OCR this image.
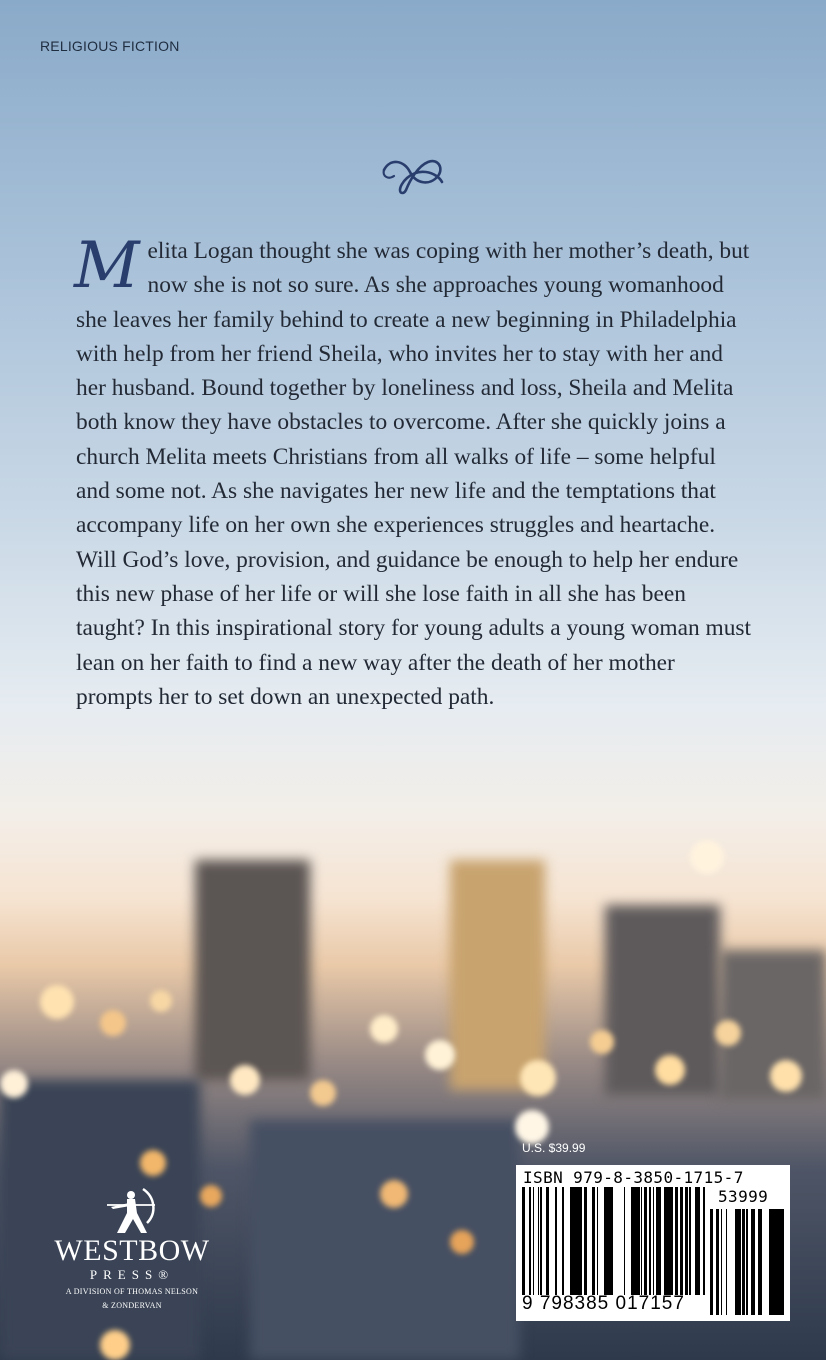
RELIGIOUS FICTION

Melita Logan thought she was coping with her mother’s death, but now she is not so sure. As she approaches young womanhood she leaves her family behind to create a new beginning in Philadelphia with help from her friend Sheila, who invites her to stay with her and her husband. Bound together by loneliness and loss, Sheila and Melita both know they have obstacles to overcome. After she quickly joins a church Melita meets Christians from all walks of life – some helpful and some not. As she navigates her new life and the temptations that accompany life on her own she experiences struggles and heartache. Will God’s love, provision, and guidance be enough to help her endure this new phase of her life or will she lose faith in all she has been taught? In this inspirational story for young adults a young woman must lean on her faith to find a new way after the death of her mother prompts her to set down an unexpected path.

U.S. $39.99
ISBN 979-8-3850-1715-7
53999
9 798385 017157
WESTBOW
PRESS®
A DIVISION OF THOMAS NELSON
& ZONDERVAN
